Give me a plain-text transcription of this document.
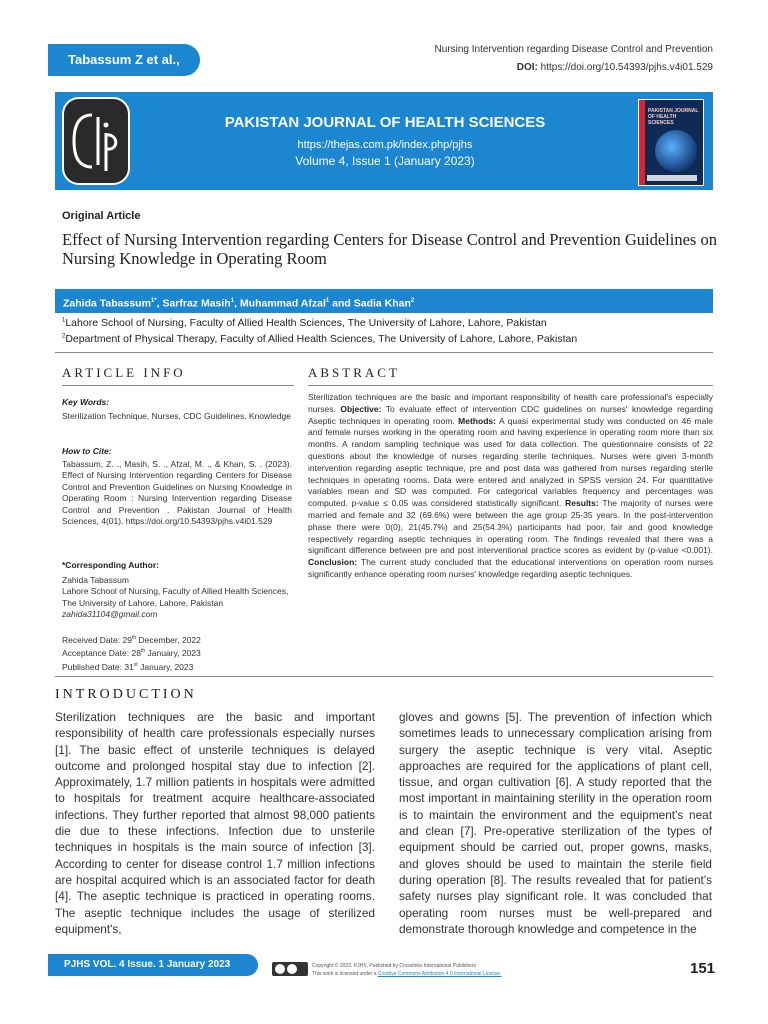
Tabassum Z et al.,
Nursing Intervention regarding Disease Control and Prevention
DOI: https://doi.org/10.54393/pjhs.v4i01.529
PAKISTAN JOURNAL OF HEALTH SCIENCES
https://thejas.com.pk/index.php/pjhs
Volume 4, Issue 1 (January 2023)
PAKISTAN JOURNAL OF HEALTH SCIENCES
Original Article
Effect of Nursing Intervention regarding Centers for Disease Control and Prevention Guidelines on Nursing Knowledge in Operating Room
Zahida Tabassum$^{1*}$, Sarfraz Masih$^1$, Muhammad Afzal$^1$ and Sadia Khan$^2$
$^1$Lahore School of Nursing, Faculty of Allied Health Sciences, The University of Lahore, Lahore, Pakistan
$^2$Department of Physical Therapy, Faculty of Allied Health Sciences, The University of Lahore, Lahore, Pakistan
ARTICLE INFO	ABSTRACT
Key Words:
Sterilization Technique, Nurses, CDC Guidelines, Knowledge
How to Cite:
Tabassum, Z. ., Masih, S. ., Afzal, M. ., & Khan, S. . (2023). Effect of Nursing Intervention regarding Centers for Disease Control and Prevention Guidelines on Nursing Knowledge in Operating Room : Nursing Intervention regarding Disease Control and Prevention . Pakistan Journal of Health Sciences, 4(01). https://doi.org/10.54393/pjhs.v4i01.529
*Corresponding Author:
Zahida Tabassum
Lahore School of Nursing, Faculty of Allied Health Sciences, The University of Lahore, Lahore, Pakistan
zahida31104@gmail.com
Received Date: 29th December, 2022
Acceptance Date: 28th January, 2023
Published Date: 31st January, 2023
Sterilization techniques are the basic and important responsibility of health care professional's especially nurses. Objective: To evaluate effect of intervention CDC guidelines on nurses' knowledge regarding Aseptic techniques in operating room. Methods: A quasi experimental study was conducted on 46 male and female nurses working in the operating room and having experience in operating room more than six months. A random sampling technique was used for data collection. The questionnaire consists of 22 questions about the knowledge of nurses regarding sterile techniques. Nurses were given 3-month intervention regarding aseptic technique, pre and post data was gathered from nurses regarding sterile techniques in operating rooms. Data were entered and analyzed in SPSS version 24. For quantitative variables mean and SD was computed. For categorical variables frequency and percentages was computed. p-value ≤ 0.05 was considered statistically significant. Results: The majority of nurses were married and female and 32 (69.6%) were between the age group 25-35 years. In the post-intervention phase there were 0(0), 21(45.7%) and 25(54.3%) participants had poor, fair and good knowledge respectively regarding aseptic techniques in operating room. The findings revealed that there was a significant difference between pre and post interventional practice scores as evident by (p-value <0.001). Conclusion: The current study concluded that the educational interventions on operation room nurses significantly enhance operating room nurses' knowledge regarding aseptic techniques.
INTRODUCTION
Sterilization techniques are the basic and important responsibility of health care professionals especially nurses [1]. The basic effect of unsterile techniques is delayed outcome and prolonged hospital stay due to infection [2]. Approximately, 1.7 million patients in hospitals were admitted to hospitals for treatment acquire healthcare-associated infections. They further reported that almost 98,000 patients die due to these infections. Infection due to unsterile techniques in hospitals is the main source of infection [3]. According to center for disease control 1.7 million infections are hospital acquired which is an associated factor for death [4]. The aseptic technique is practiced in operating rooms. The aseptic technique includes the usage of sterilized equipment's,
gloves and gowns [5]. The prevention of infection which sometimes leads to unnecessary complication arising from surgery the aseptic technique is very vital. Aseptic approaches are required for the applications of plant cell, tissue, and organ cultivation [6]. A study reported that the most important in maintaining sterility in the operation room is to maintain the environment and the equipment's neat and clean [7]. Pre-operative sterilization of the types of equipment should be carried out, proper gowns, masks, and gloves should be used to maintain the sterile field during operation [8]. The results revealed that for patient's safety nurses play significant role. It was concluded that operating room nurses must be well-prepared and demonstrate thorough knowledge and competence in the
PJHS VOL. 4 Issue. 1 January 2023	Copyright © 2023. PJHS, Published by Crosslinks International Publishers
This work is licensed under a Creative Commons Attribution 4.0 International License.	151
